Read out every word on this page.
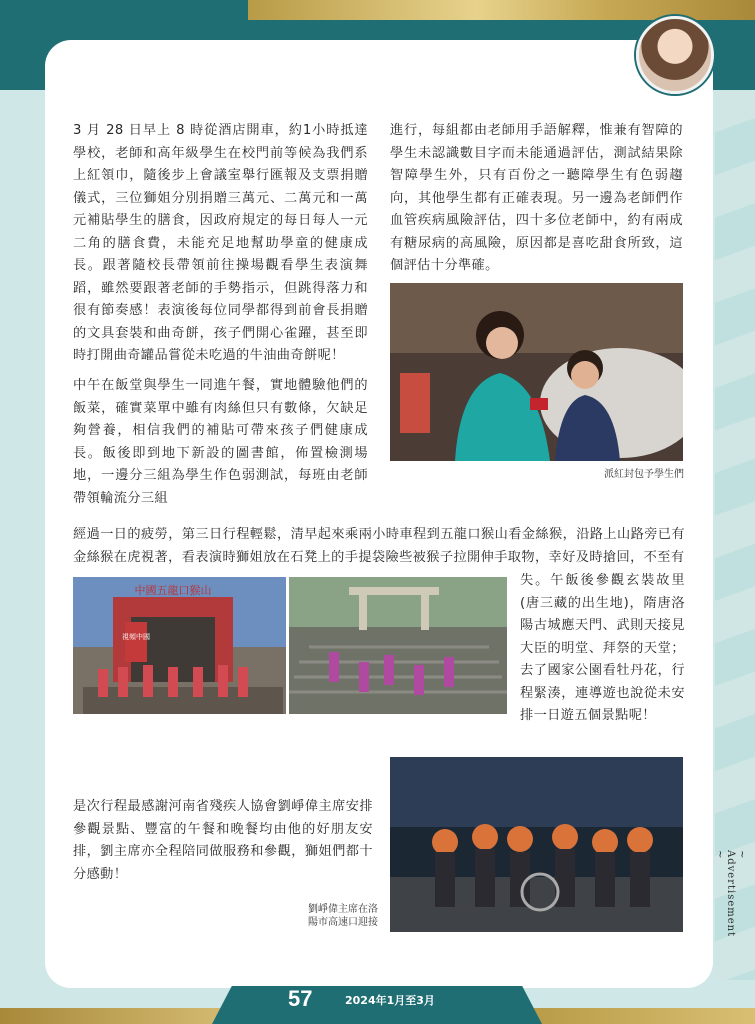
會長
麥懿睿

3 月 28 日早上 8 時從酒店開車，約1小時抵達學校，老師和高年級學生在校門前等候為我們系上紅領巾，隨後步上會議室舉行匯報及支票捐贈儀式，三位獅姐分別捐贈三萬元、二萬元和一萬元補貼學生的膳食，因政府規定的每日每人一元二角的膳食費，未能充足地幫助學童的健康成長。跟著隨校長帶領前往操場觀看學生表演舞蹈，雖然要跟著老師的手勢指示，但跳得落力和很有節奏感！表演後每位同學都得到前會長捐贈的文具套裝和曲奇餅，孩子們開心雀躍，甚至即時打開曲奇罐品嘗從未吃過的牛油曲奇餅呢！

中午在飯堂與學生一同進午餐，實地體驗他們的飯菜，確實菜單中雖有肉絲但只有數條，欠缺足夠營養，相信我們的補貼可帶來孩子們健康成長。飯後即到地下新設的圖書館，佈置檢測場地，一邊分三組為學生作色弱測試，每班由老師帶領輪流分三組

進行，每組都由老師用手語解釋，惟兼有智障的學生未認識數目字而未能通過評估，測試結果除智障學生外，只有百份之一聽障學生有色弱趨向，其他學生都有正確表現。另一邊為老師們作血管疾病風險評估，四十多位老師中，約有兩成有糖尿病的高風險，原因都是喜吃甜食所致，這個評估十分準確。

派紅封包予學生們

經過一日的疲勞，第三日行程輕鬆，清早起來乘兩小時車程到五龍口猴山看金絲猴，沿路上山路旁已有金絲猴在虎視著，看表演時獅姐放在石凳上的手提袋險些被猴子拉開伸手取物，幸好及時搶回，不至有

中國五龍口猴山
視頻中國

失。午飯後參觀玄裝故里(唐三藏的出生地)，隋唐洛陽古城應天門、武則天接見大臣的明堂、拜祭的天堂；去了國家公園看牡丹花，行程緊湊，連導遊也說從未安排一日遊五個景點呢！

是次行程最感謝河南省殘疾人協會劉崢偉主席安排參觀景點、豐富的午餐和晚餐均由他的好朋友安排，劉主席亦全程陪同做服務和參觀，獅姐們都十分感動！

劉崢偉主席在洛陽市高速口迎接

~ Advertisement ~
57	2024年1月至3月
